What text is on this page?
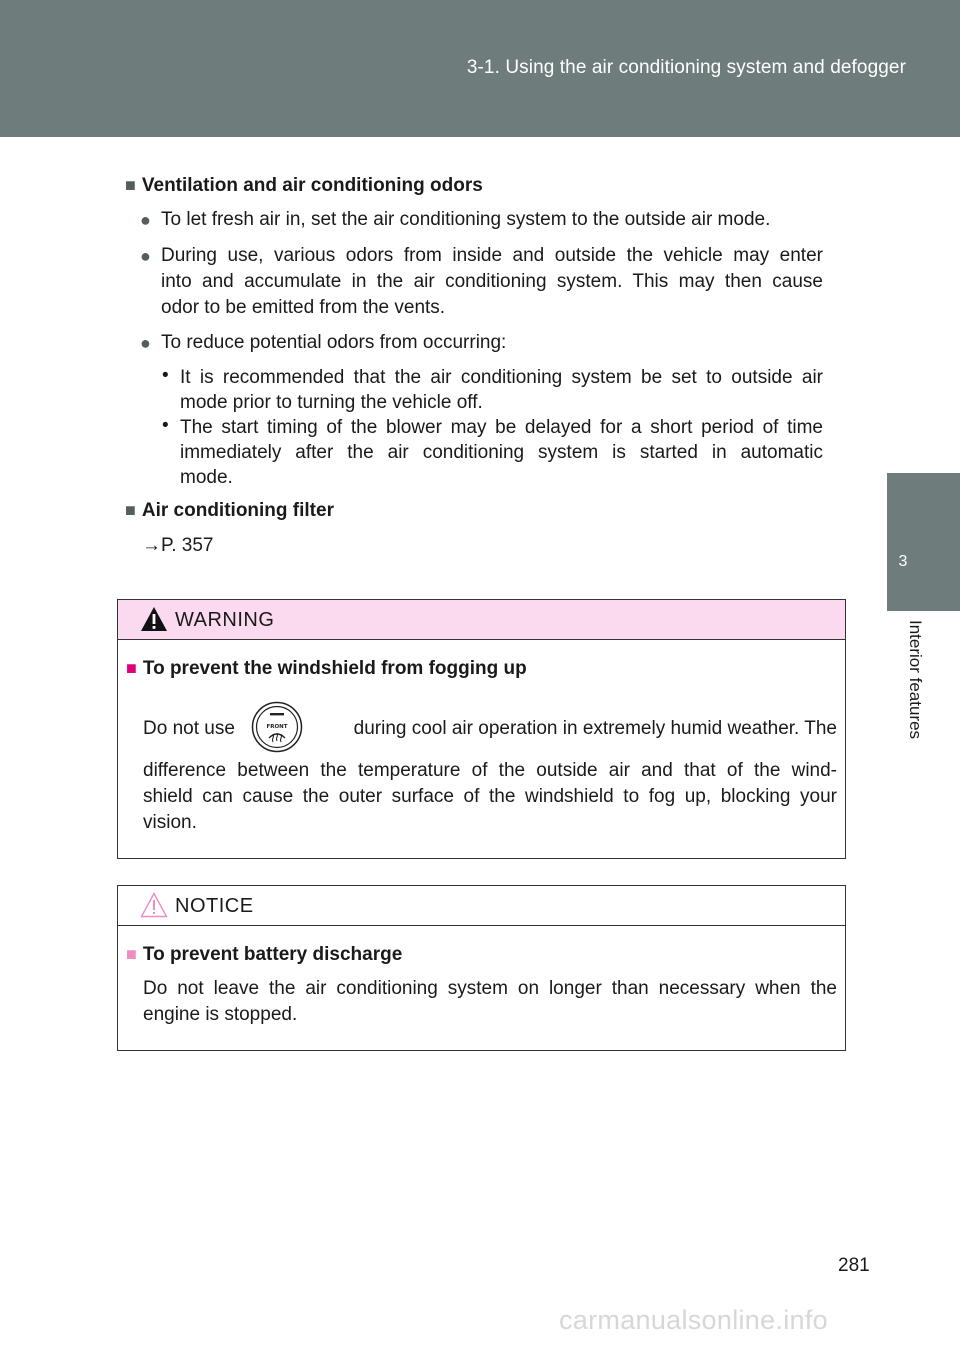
3-1. Using the air conditioning system and defogger
3
Interior features
■ Ventilation and air conditioning odors
● To let fresh air in, set the air conditioning system to the outside air mode.
● During use, various odors from inside and outside the vehicle may enter
into and accumulate in the air conditioning system. This may then cause
odor to be emitted from the vents.
● To reduce potential odors from occurring:
• It is recommended that the air conditioning system be set to outside air
mode prior to turning the vehicle off.
• The start timing of the blower may be delayed for a short period of time
immediately after the air conditioning system is started in automatic
mode.
■ Air conditioning filter
→P. 357
WARNING
■ To prevent the windshield from fogging up
Do not use	FRONT	during cool air operation in extremely humid weather. The
difference between the temperature of the outside air and that of the wind-
shield can cause the outer surface of the windshield to fog up, blocking your
vision.
NOTICE
■ To prevent battery discharge
Do not leave the air conditioning system on longer than necessary when the
engine is stopped.
281
carmanualsonline.info
